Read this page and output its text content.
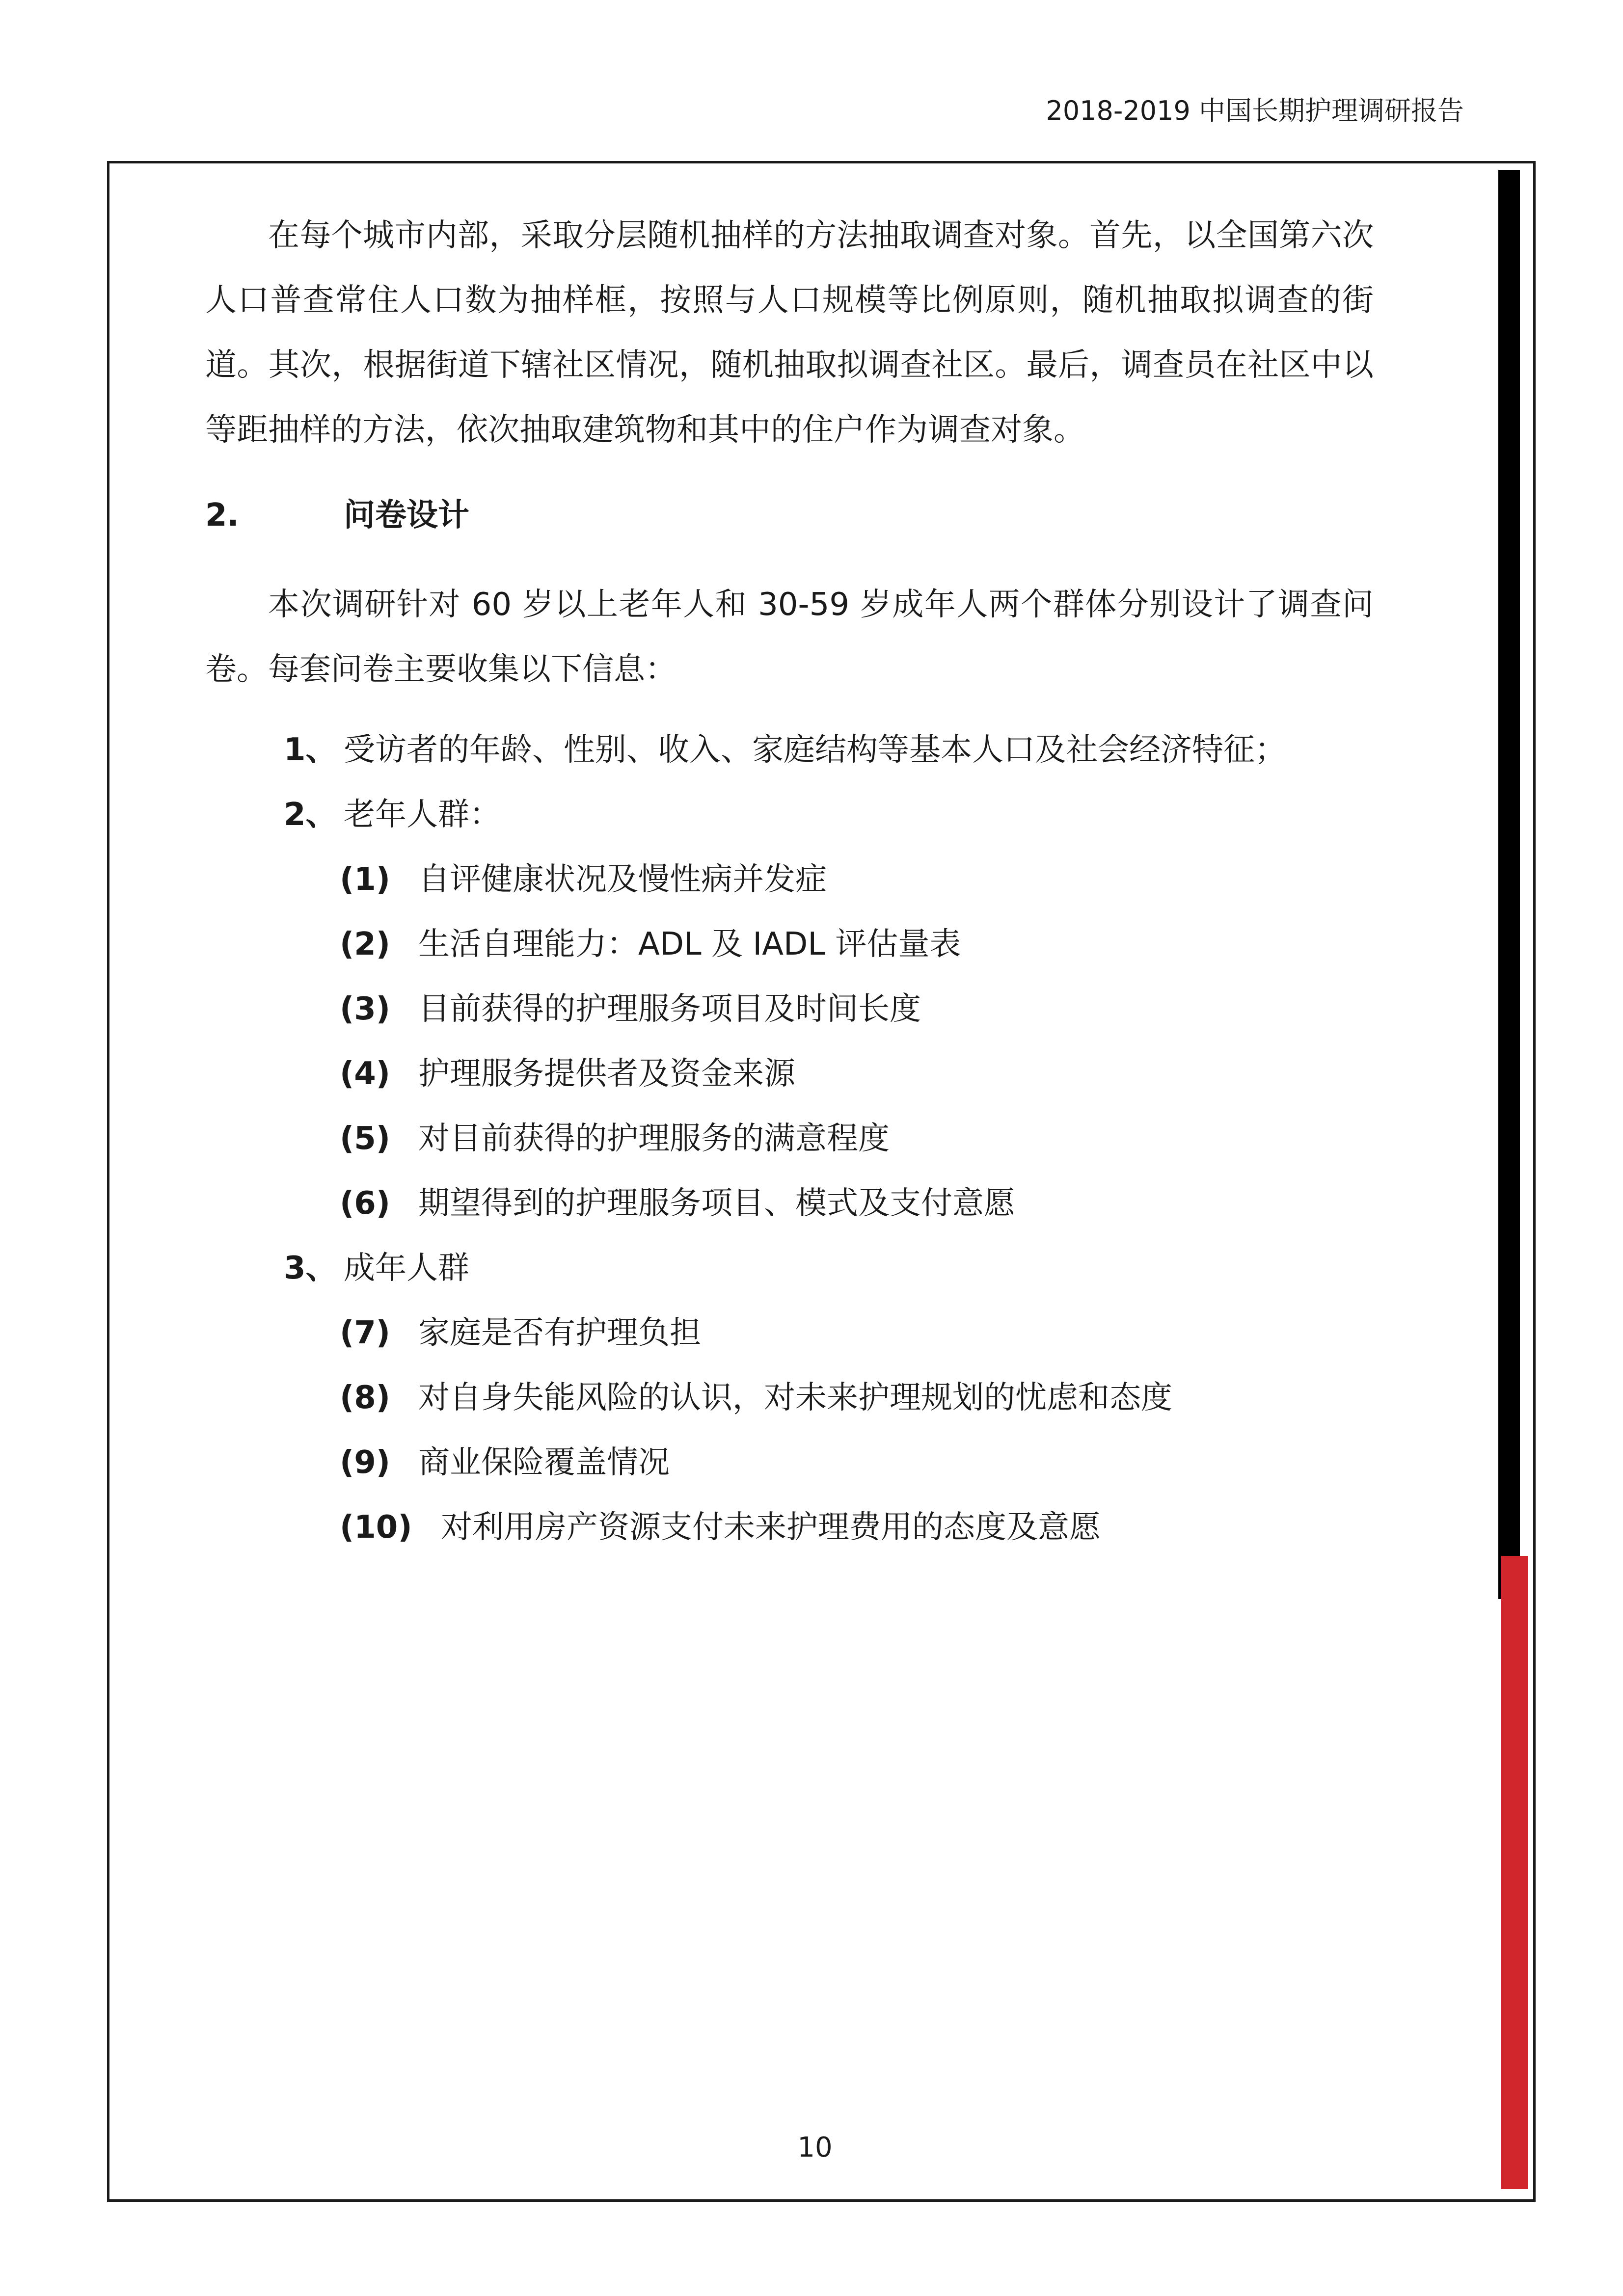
2018-2019 中国长期护理调研报告

在每个城市内部，采取分层随机抽样的方法抽取调查对象。首先，以全国第六次人口普查常住人口数为抽样框，按照与人口规模等比例原则，随机抽取拟调查的街道。其次，根据街道下辖社区情况，随机抽取拟调查社区。最后，调查员在社区中以等距抽样的方法，依次抽取建筑物和其中的住户作为调查对象。

2.	问卷设计

本次调研针对 60 岁以上老年人和 30-59 岁成年人两个群体分别设计了调查问卷。每套问卷主要收集以下信息：

1、 受访者的年龄、性别、收入、家庭结构等基本人口及社会经济特征；
2、 老年人群：
(1) 自评健康状况及慢性病并发症
(2) 生活自理能力：ADL 及 IADL 评估量表
(3) 目前获得的护理服务项目及时间长度
(4) 护理服务提供者及资金来源
(5) 对目前获得的护理服务的满意程度
(6) 期望得到的护理服务项目、模式及支付意愿
3、 成年人群
(7) 家庭是否有护理负担
(8) 对自身失能风险的认识，对未来护理规划的忧虑和态度
(9) 商业保险覆盖情况
(10) 对利用房产资源支付未来护理费用的态度及意愿
10
